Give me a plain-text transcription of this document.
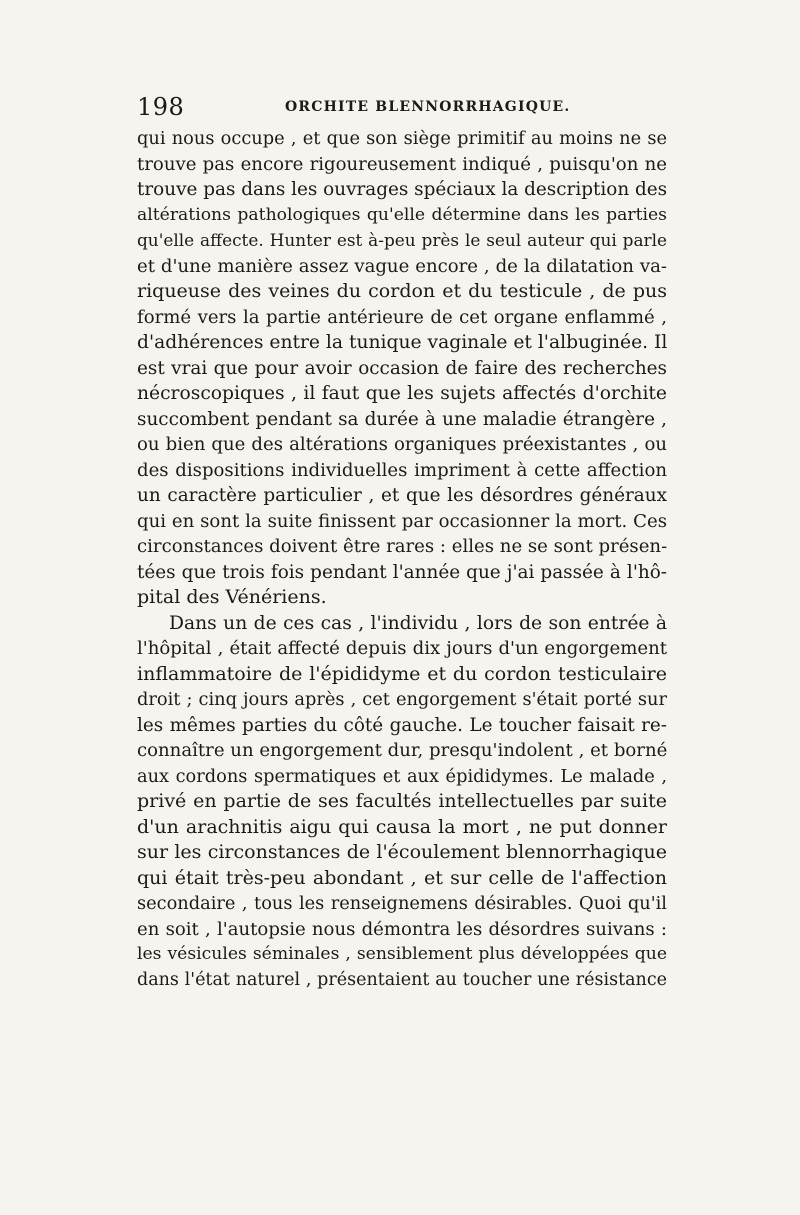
198	ORCHITE BLENNORRHAGIQUE.
qui nous occupe , et que son siège primitif au moins ne se
trouve pas encore rigoureusement indiqué , puisqu'on ne
trouve pas dans les ouvrages spéciaux la description des
altérations pathologiques qu'elle détermine dans les parties
qu'elle affecte. Hunter est à-peu près le seul auteur qui parle
et d'une manière assez vague encore , de la dilatation va-
riqueuse des veines du cordon et du testicule , de pus
formé vers la partie antérieure de cet organe enflammé ,
d'adhérences entre la tunique vaginale et l'albuginée. Il
est vrai que pour avoir occasion de faire des recherches
nécroscopiques , il faut que les sujets affectés d'orchite
succombent pendant sa durée à une maladie étrangère ,
ou bien que des altérations organiques préexistantes , ou
des dispositions individuelles impriment à cette affection
un caractère particulier , et que les désordres généraux
qui en sont la suite finissent par occasionner la mort. Ces
circonstances doivent être rares : elles ne se sont présen-
tées que trois fois pendant l'année que j'ai passée à l'hô-
pital des Vénériens.
Dans un de ces cas , l'individu , lors de son entrée à
l'hôpital , était affecté depuis dix jours d'un engorgement
inflammatoire de l'épididyme et du cordon testiculaire
droit ; cinq jours après , cet engorgement s'était porté sur
les mêmes parties du côté gauche. Le toucher faisait re-
connaître un engorgement dur, presqu'indolent , et borné
aux cordons spermatiques et aux épididymes. Le malade ,
privé en partie de ses facultés intellectuelles par suite
d'un arachnitis aigu qui causa la mort , ne put donner
sur les circonstances de l'écoulement blennorrhagique
qui était très-peu abondant , et sur celle de l'affection
secondaire , tous les renseignemens désirables. Quoi qu'il
en soit , l'autopsie nous démontra les désordres suivans :
les vésicules séminales , sensiblement plus développées que
dans l'état naturel , présentaient au toucher une résistance
